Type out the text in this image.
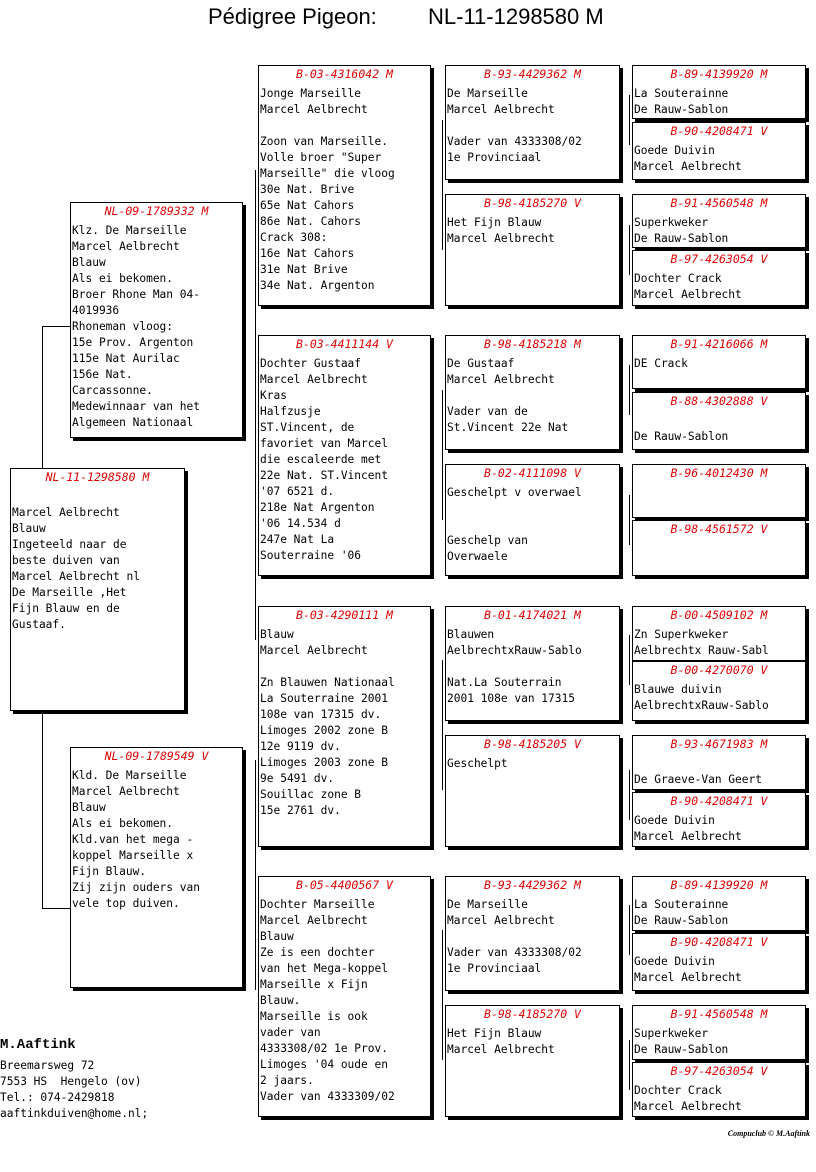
Pédigree Pigeon: NL-11-1298580 M
NL-11-1298580 M

Marcel Aelbrecht
Blauw
Ingeteeld naar de
beste duiven van
Marcel Aelbrecht nl
De Marseille ,Het
Fijn Blauw en de
Gustaaf.
NL-09-1789332 M
Klz. De Marseille
Marcel Aelbrecht
Blauw
Als ei bekomen.
Broer Rhone Man 04-
4019936
Rhoneman vloog:
15e Prov. Argenton
115e Nat Aurilac
156e Nat.
Carcassonne.
Medewinnaar van het
Algemeen Nationaal
NL-09-1789549 V
Kld. De Marseille
Marcel Aelbrecht
Blauw
Als ei bekomen.
Kld.van het mega -
koppel Marseille x
Fijn Blauw.
Zij zijn ouders van
vele top duiven.
B-03-4316042 M
Jonge Marseille
Marcel Aelbrecht

Zoon van Marseille.
Volle broer "Super
Marseille" die vloog
30e Nat. Brive
65e Nat Cahors
86e Nat. Cahors
Crack 308:
16e Nat Cahors
31e Nat Brive
34e Nat. Argenton
B-03-4411144 V
Dochter Gustaaf
Marcel Aelbrecht
Kras
Halfzusje
ST.Vincent, de
favoriet van Marcel
die escaleerde met
22e Nat. ST.Vincent
'07 6521 d.
218e Nat Argenton
'06 14.534 d
247e Nat La
Souterraine '06
B-03-4290111 M
Blauw
Marcel Aelbrecht

Zn Blauwen Nationaal
La Souterraine 2001
108e van 17315 dv.
Limoges 2002 zone B
12e 9119 dv.
Limoges 2003 zone B
9e 5491 dv.
Souillac zone B
15e 2761 dv.
B-05-4400567 V
Dochter Marseille
Marcel Aelbrecht
Blauw
Ze is een dochter
van het Mega-koppel
Marseille x Fijn
Blauw.
Marseille is ook
vader van
4333308/02 1e Prov.
Limoges '04 oude en
2 jaars.
Vader van 4333309/02
B-93-4429362 M
De Marseille
Marcel Aelbrecht

Vader van 4333308/02
1e Provinciaal
B-98-4185270 V
Het Fijn Blauw
Marcel Aelbrecht
B-98-4185218 M
De Gustaaf
Marcel Aelbrecht

Vader van de
St.Vincent 22e Nat
B-02-4111098 V
Geschelpt v overwael

Geschelp van
Overwaele
B-01-4174021 M
Blauwen
AelbrechtxRauw-Sablo

Nat.La Souterrain
2001 108e van 17315
B-98-4185205 V
Geschelpt
B-93-4429362 M
De Marseille
Marcel Aelbrecht

Vader van 4333308/02
1e Provinciaal
B-98-4185270 V
Het Fijn Blauw
Marcel Aelbrecht
B-89-4139920 M
La Souterainne
De Rauw-Sablon
B-90-4208471 V
Goede Duivin
Marcel Aelbrecht
B-91-4560548 M
Superkweker
De Rauw-Sablon
B-97-4263054 V
Dochter Crack
Marcel Aelbrecht
B-91-4216066 M
DE Crack
B-88-4302888 V

De Rauw-Sablon
B-96-4012430 M
B-98-4561572 V
B-00-4509102 M
Zn Superkweker
Aelbrechtx Rauw-Sabl
B-00-4270070 V
Blauwe duivin
AelbrechtxRauw-Sablo
B-93-4671983 M

De Graeve-Van Geert
B-90-4208471 V
Goede Duivin
Marcel Aelbrecht
B-89-4139920 M
La Souterainne
De Rauw-Sablon
B-90-4208471 V
Goede Duivin
Marcel Aelbrecht
B-91-4560548 M
Superkweker
De Rauw-Sablon
B-97-4263054 V
Dochter Crack
Marcel Aelbrecht
M.Aaftink
Breemarsweg 72
7553 HS  Hengelo (ov)
Tel.: 074-2429818
aaftinkduiven@home.nl;
Compuclub © M.Aaftink
